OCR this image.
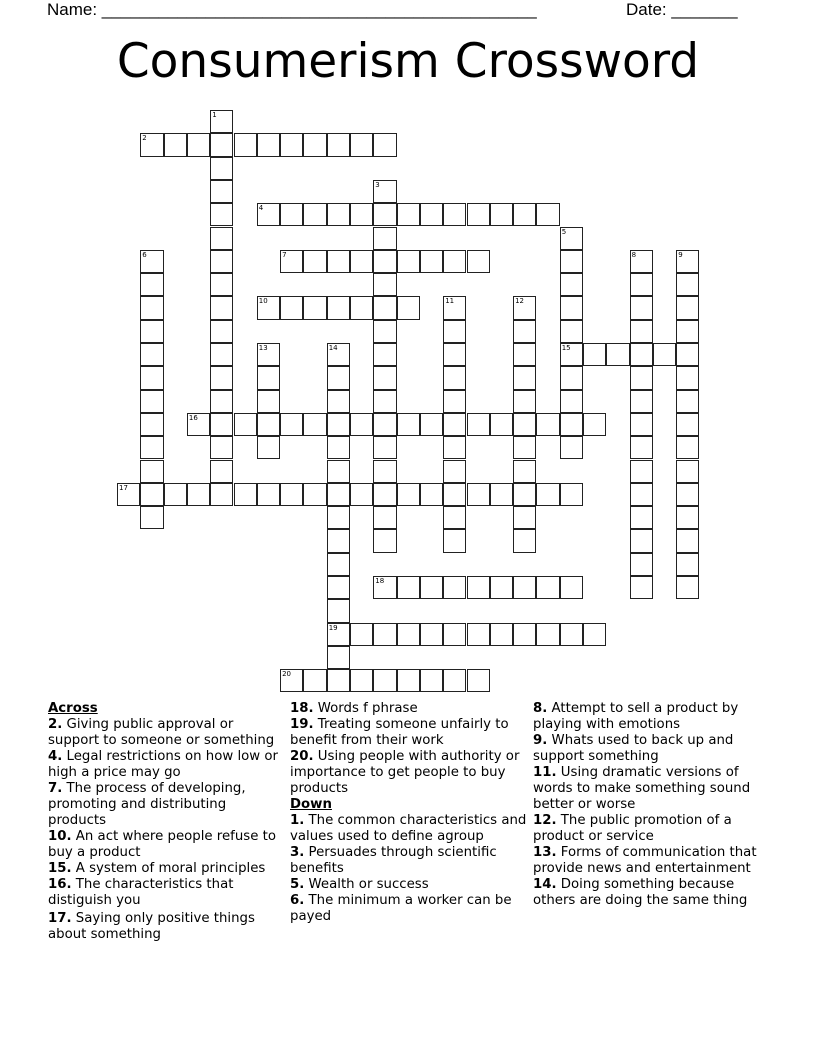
Name: ______________________________________________	Date: _______
Consumerism Crossword
1
2
3
4
5
15
6	7	8	9
10	11	12
13	14
19
16
17
18
20
Across
2. Giving public approval or support to someone or something
4. Legal restrictions on how low or high a price may go
7. The process of developing, promoting and distributing products
10. An act where people refuse to buy a product
15. A system of moral principles
16. The characteristics that distiguish you
17. Saying only positive things about something
18. Words f phrase
19. Treating someone unfairly to benefit from their work
20. Using people with authority or importance to get people to buy products
Down
1. The common characteristics and values used to define agroup
3. Persuades through scientific benefits
5. Wealth or success
6. The minimum a worker can be payed
8. Attempt to sell a product by playing with emotions
9. Whats used to back up and support something
11. Using dramatic versions of words to make something sound better or worse
12. The public promotion of a product or service
13. Forms of communication that provide news and entertainment
14. Doing something because others are doing the same thing
